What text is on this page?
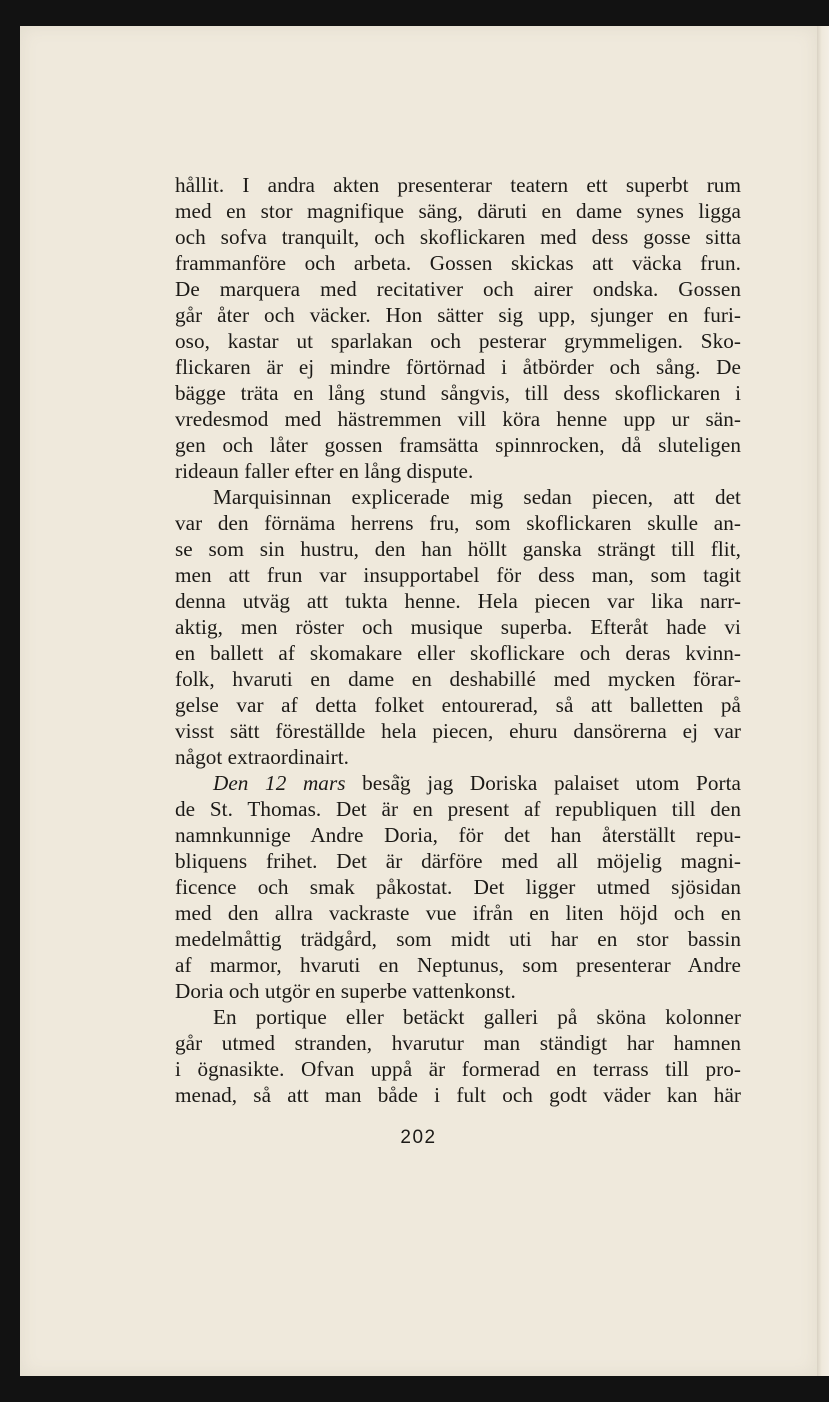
hållit. I andra akten presenterar teatern ett superbt rum
med en stor magnifique säng, däruti en dame synes ligga
och sofva tranquilt, och skoflickaren med dess gosse sitta
frammanföre och arbeta. Gossen skickas att väcka frun.
De marquera med recitativer och airer ondska. Gossen
går åter och väcker. Hon sätter sig upp, sjunger en furi-
oso, kastar ut sparlakan och pesterar grymmeligen. Sko-
flickaren är ej mindre förtörnad i åtbörder och sång. De
bägge träta en lång stund sångvis, till dess skoflickaren i
vredesmod med hästremmen vill köra henne upp ur sän-
gen och låter gossen framsätta spinnrocken, då sluteligen
rideaun faller efter en lång dispute.
Marquisinnan explicerade mig sedan piecen, att det
var den förnäma herrens fru, som skoflickaren skulle an-
se som sin hustru, den han höllt ganska strängt till flit,
men att frun var insupportabel för dess man, som tagit
denna utväg att tukta henne. Hela piecen var lika narr-
aktig, men röster och musique superba. Efteråt hade vi
en ballett af skomakare eller skoflickare och deras kvinn-
folk, hvaruti en dame en deshabillé med mycken förar-
gelse var af detta folket entourerad, så att balletten på
visst sätt föreställde hela piecen, ehuru dansörerna ej var
något extraordinairt.
Den 12 mars beså̈g jag Doriska palaiset utom Porta
de St. Thomas. Det är en present af republiquen till den
namnkunnige Andre Doria, för det han återställt repu-
bliquens frihet. Det är därföre med all möjelig magni-
ficence och smak påkostat. Det ligger utmed sjösidan
med den allra vackraste vue ifrån en liten höjd och en
medelmåttig trädgård, som midt uti har en stor bassin
af marmor, hvaruti en Neptunus, som presenterar Andre
Doria och utgör en superbe vattenkonst.
En portique eller betäckt galleri på sköna kolonner
går utmed stranden, hvarutur man ständigt har hamnen
i ögnasikte. Ofvan uppå är formerad en terrass till pro-
menad, så att man både i fult och godt väder kan här
202
